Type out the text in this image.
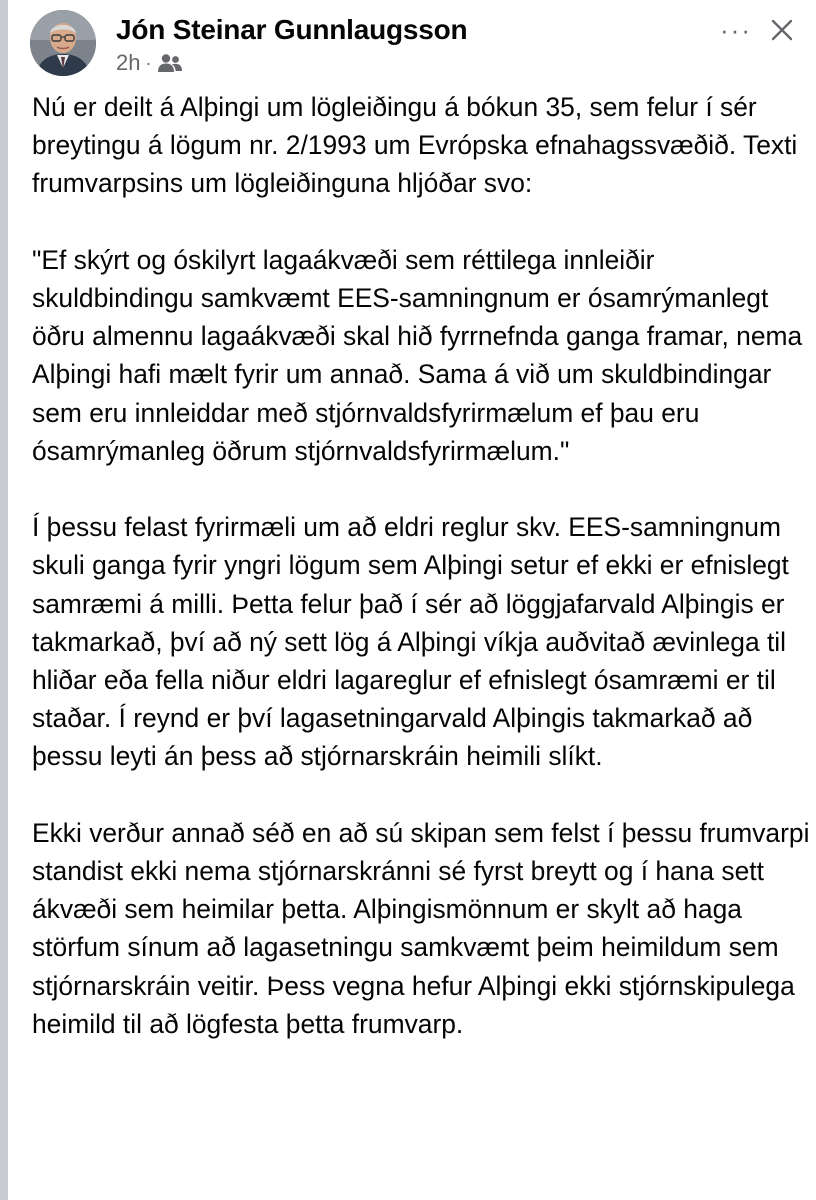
Jón Steinar Gunnlaugsson
2h ·
···

Nú er deilt á Alþingi um lögleiðingu á bókun 35, sem felur í sér breytingu á lögum nr. 2/1993 um Evrópska efnahagssvæðið. Texti frumvarpsins um lögleiðinguna hljóðar svo:

"Ef skýrt og óskilyrt lagaákvæði sem réttilega innleiðir skuldbindingu samkvæmt EES-samningnum er ósamrýmanlegt öðru almennu lagaákvæði skal hið fyrrnefnda ganga framar, nema Alþingi hafi mælt fyrir um annað. Sama á við um skuldbindingar sem eru innleiddar með stjórnvaldsfyrirmælum ef þau eru ósamrýmanleg öðrum stjórnvaldsfyrirmælum."

Í þessu felast fyrirmæli um að eldri reglur skv. EES-samningnum skuli ganga fyrir yngri lögum sem Alþingi setur ef ekki er efnislegt samræmi á milli. Þetta felur það í sér að löggjafarvald Alþingis er takmarkað, því að ný sett lög á Alþingi víkja auðvitað ævinlega til hliðar eða fella niður eldri lagareglur ef efnislegt ósamræmi er til staðar. Í reynd er því lagasetningarvald Alþingis takmarkað að þessu leyti án þess að stjórnarskráin heimili slíkt.

Ekki verður annað séð en að sú skipan sem felst í þessu frumvarpi standist ekki nema stjórnarskránni sé fyrst breytt og í hana sett ákvæði sem heimilar þetta. Alþingismönnum er skylt að haga störfum sínum að lagasetningu samkvæmt þeim heimildum sem stjórnarskráin veitir. Þess vegna hefur Alþingi ekki stjórnskipulega heimild til að lögfesta þetta frumvarp.
